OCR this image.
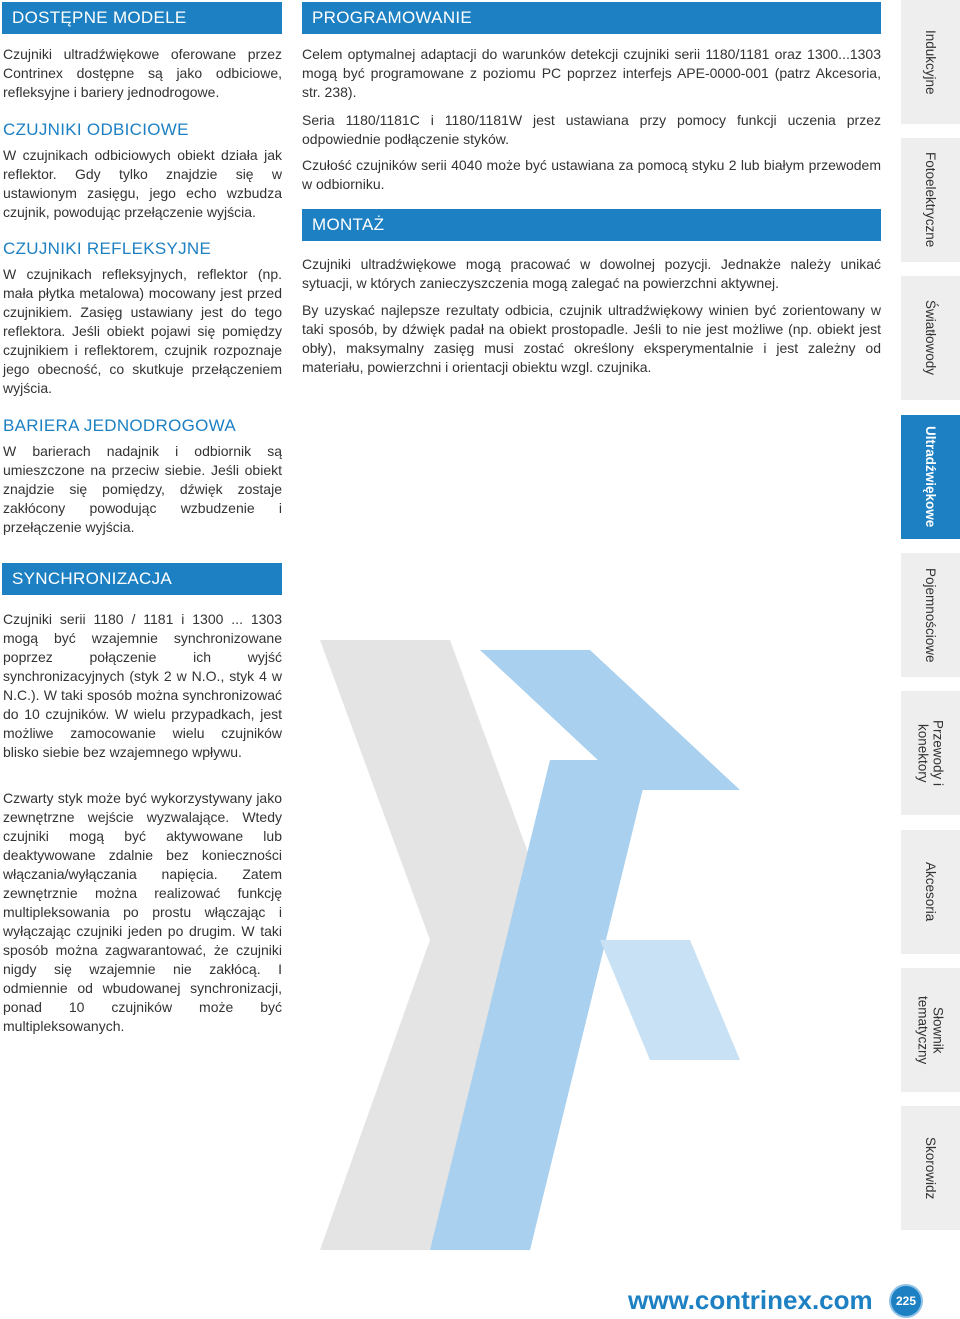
DOSTĘPNE MODELE

Czujniki ultradźwiękowe oferowane przez Contrinex dostępne są jako odbiciowe, refleksyjne i bariery jednodrogowe.

CZUJNIKI ODBICIOWE

W czujnikach odbiciowych obiekt działa jak reflektor. Gdy tylko znajdzie się w ustawionym zasięgu, jego echo wzbudza czujnik, powodując przełączenie wyjścia.

CZUJNIKI REFLEKSYJNE

W czujnikach refleksyjnych, reflektor (np. mała płytka metalowa) mocowany jest przed czujnikiem. Zasięg ustawiany jest do tego reflektora. Jeśli obiekt pojawi się pomiędzy czujnikiem i reflektorem, czujnik rozpoznaje jego obecność, co skutkuje przełączeniem wyjścia.

BARIERA JEDNODROGOWA

W barierach nadajnik i odbiornik są umieszczone na przeciw siebie. Jeśli obiekt znajdzie się pomiędzy, dźwięk zostaje zakłócony powodując wzbudzenie i przełączenie wyjścia.

SYNCHRONIZACJA

Czujniki serii 1180 / 1181 i 1300 ... 1303 mogą być wzajemnie synchronizowane poprzez połączenie ich wyjść synchronizacyjnych (styk 2 w N.O., styk 4 w N.C.). W taki sposób można synchronizować do 10 czujników. W wielu przypadkach, jest możliwe zamocowanie wielu czujników blisko siebie bez wzajemnego wpływu.

Czwarty styk może być wykorzystywany jako zewnętrzne wejście wyzwalające. Wtedy czujniki mogą być aktywowane lub deaktywowane zdalnie bez konieczności włączania/wyłączania napięcia. Zatem zewnętrznie można realizować funkcję multipleksowania po prostu włączając i wyłączając czujniki jeden po drugim. W taki sposób można zagwarantować, że czujniki nigdy się wzajemnie nie zakłócą. I odmiennie od wbudowanej synchronizacji, ponad 10 czujników może być multipleksowanych.

PROGRAMOWANIE

Celem optymalnej adaptacji do warunków detekcji czujniki serii 1180/1181 oraz 1300...1303 mogą być programowane z poziomu PC poprzez interfejs APE-0000-001 (patrz Akcesoria, str. 238).

Seria 1180/1181C i 1180/1181W jest ustawiana przy pomocy funkcji uczenia przez odpowiednie podłączenie styków.

Czułość czujników serii 4040 może być ustawiana za pomocą styku 2 lub białym przewodem w odbiorniku.

MONTAŻ

Czujniki ultradźwiękowe mogą pracować w dowolnej pozycji. Jednakże należy unikać sytuacji, w których zanieczyszczenia mogą zalegać na powierzchni aktywnej.

By uzyskać najlepsze rezultaty odbicia, czujnik ultradźwiękowy winien być zorientowany w taki sposób, by dźwięk padał na obiekt prostopadle. Jeśli to nie jest możliwe (np. obiekt jest obły), maksymalny zasięg musi zostać określony eksperymentalnie i jest zależny od materiału, powierzchni i orientacji obiektu wzgl. czujnika.

Indukcyjne
Fotoelektryczne
Światłowody
Ultradźwiękowe
Pojemnościowe
Przewody i
konektory
Akcesoria
Słownik
tematyczny
Skorowidz
www.contrinex.com	225
